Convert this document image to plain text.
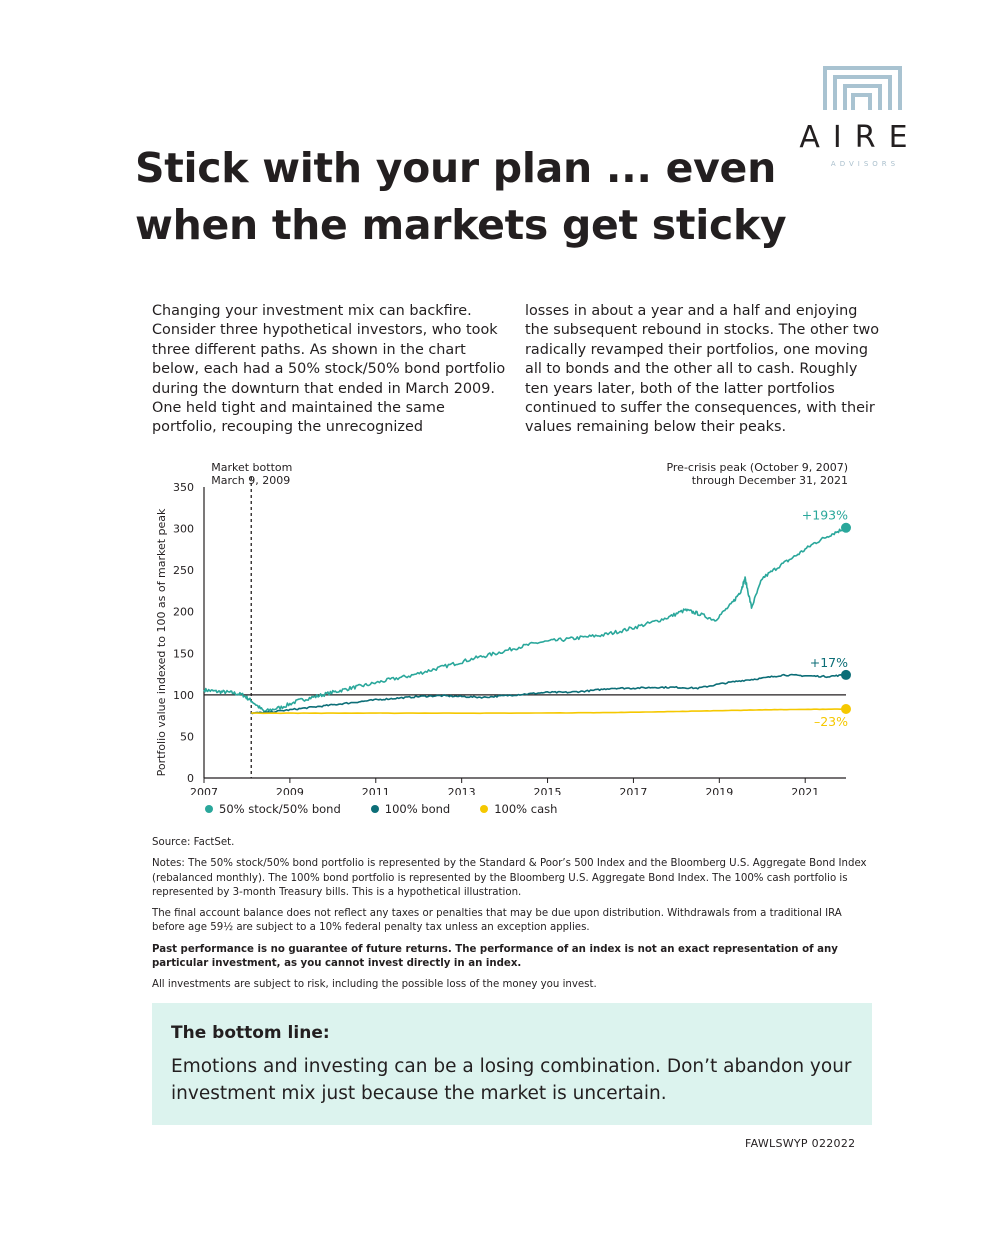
AIRE
ADVISORS
Stick with your plan ... even when the markets get sticky
Changing your investment mix can backfire. Consider three hypothetical investors, who took three different paths. As shown in the chart below, each had a 50% stock/50% bond portfolio during the downturn that ended in March 2009. One held tight and maintained the same portfolio, recouping the unrecognized
losses in about a year and a half and enjoying the subsequent rebound in stocks. The other two radically revamped their portfolios, one moving all to bonds and the other all to cash. Roughly ten years later, both of the latter portfolios continued to suffer the consequences, with their values remaining below their peaks.
0
50
100
150
200
250
300
350
2007	2009	2011	2013	2015	2017	2019	2021
Portfolio value indexed to 100 as of market peak
Market bottom
March 9, 2009
Pre-crisis peak (October 9, 2007)
through December 31, 2021
+193%
+17%
–23%
50% stock/50% bond	100% bond	100% cash

Source: FactSet.

Notes: The 50% stock/50% bond portfolio is represented by the Standard & Poor’s 500 Index and the Bloomberg U.S. Aggregate Bond Index (rebalanced monthly). The 100% bond portfolio is represented by the Bloomberg U.S. Aggregate Bond Index. The 100% cash portfolio is represented by 3-month Treasury bills. This is a hypothetical illustration.

The final account balance does not reflect any taxes or penalties that may be due upon distribution. Withdrawals from a traditional IRA before age 59½ are subject to a 10% federal penalty tax unless an exception applies.

Past performance is no guarantee of future returns. The performance of an index is not an exact representation of any particular investment, as you cannot invest directly in an index.

All investments are subject to risk, including the possible loss of the money you invest.

The bottom line:

Emotions and investing can be a losing combination. Don’t abandon your investment mix just because the market is uncertain.

FAWLSWYP 022022
